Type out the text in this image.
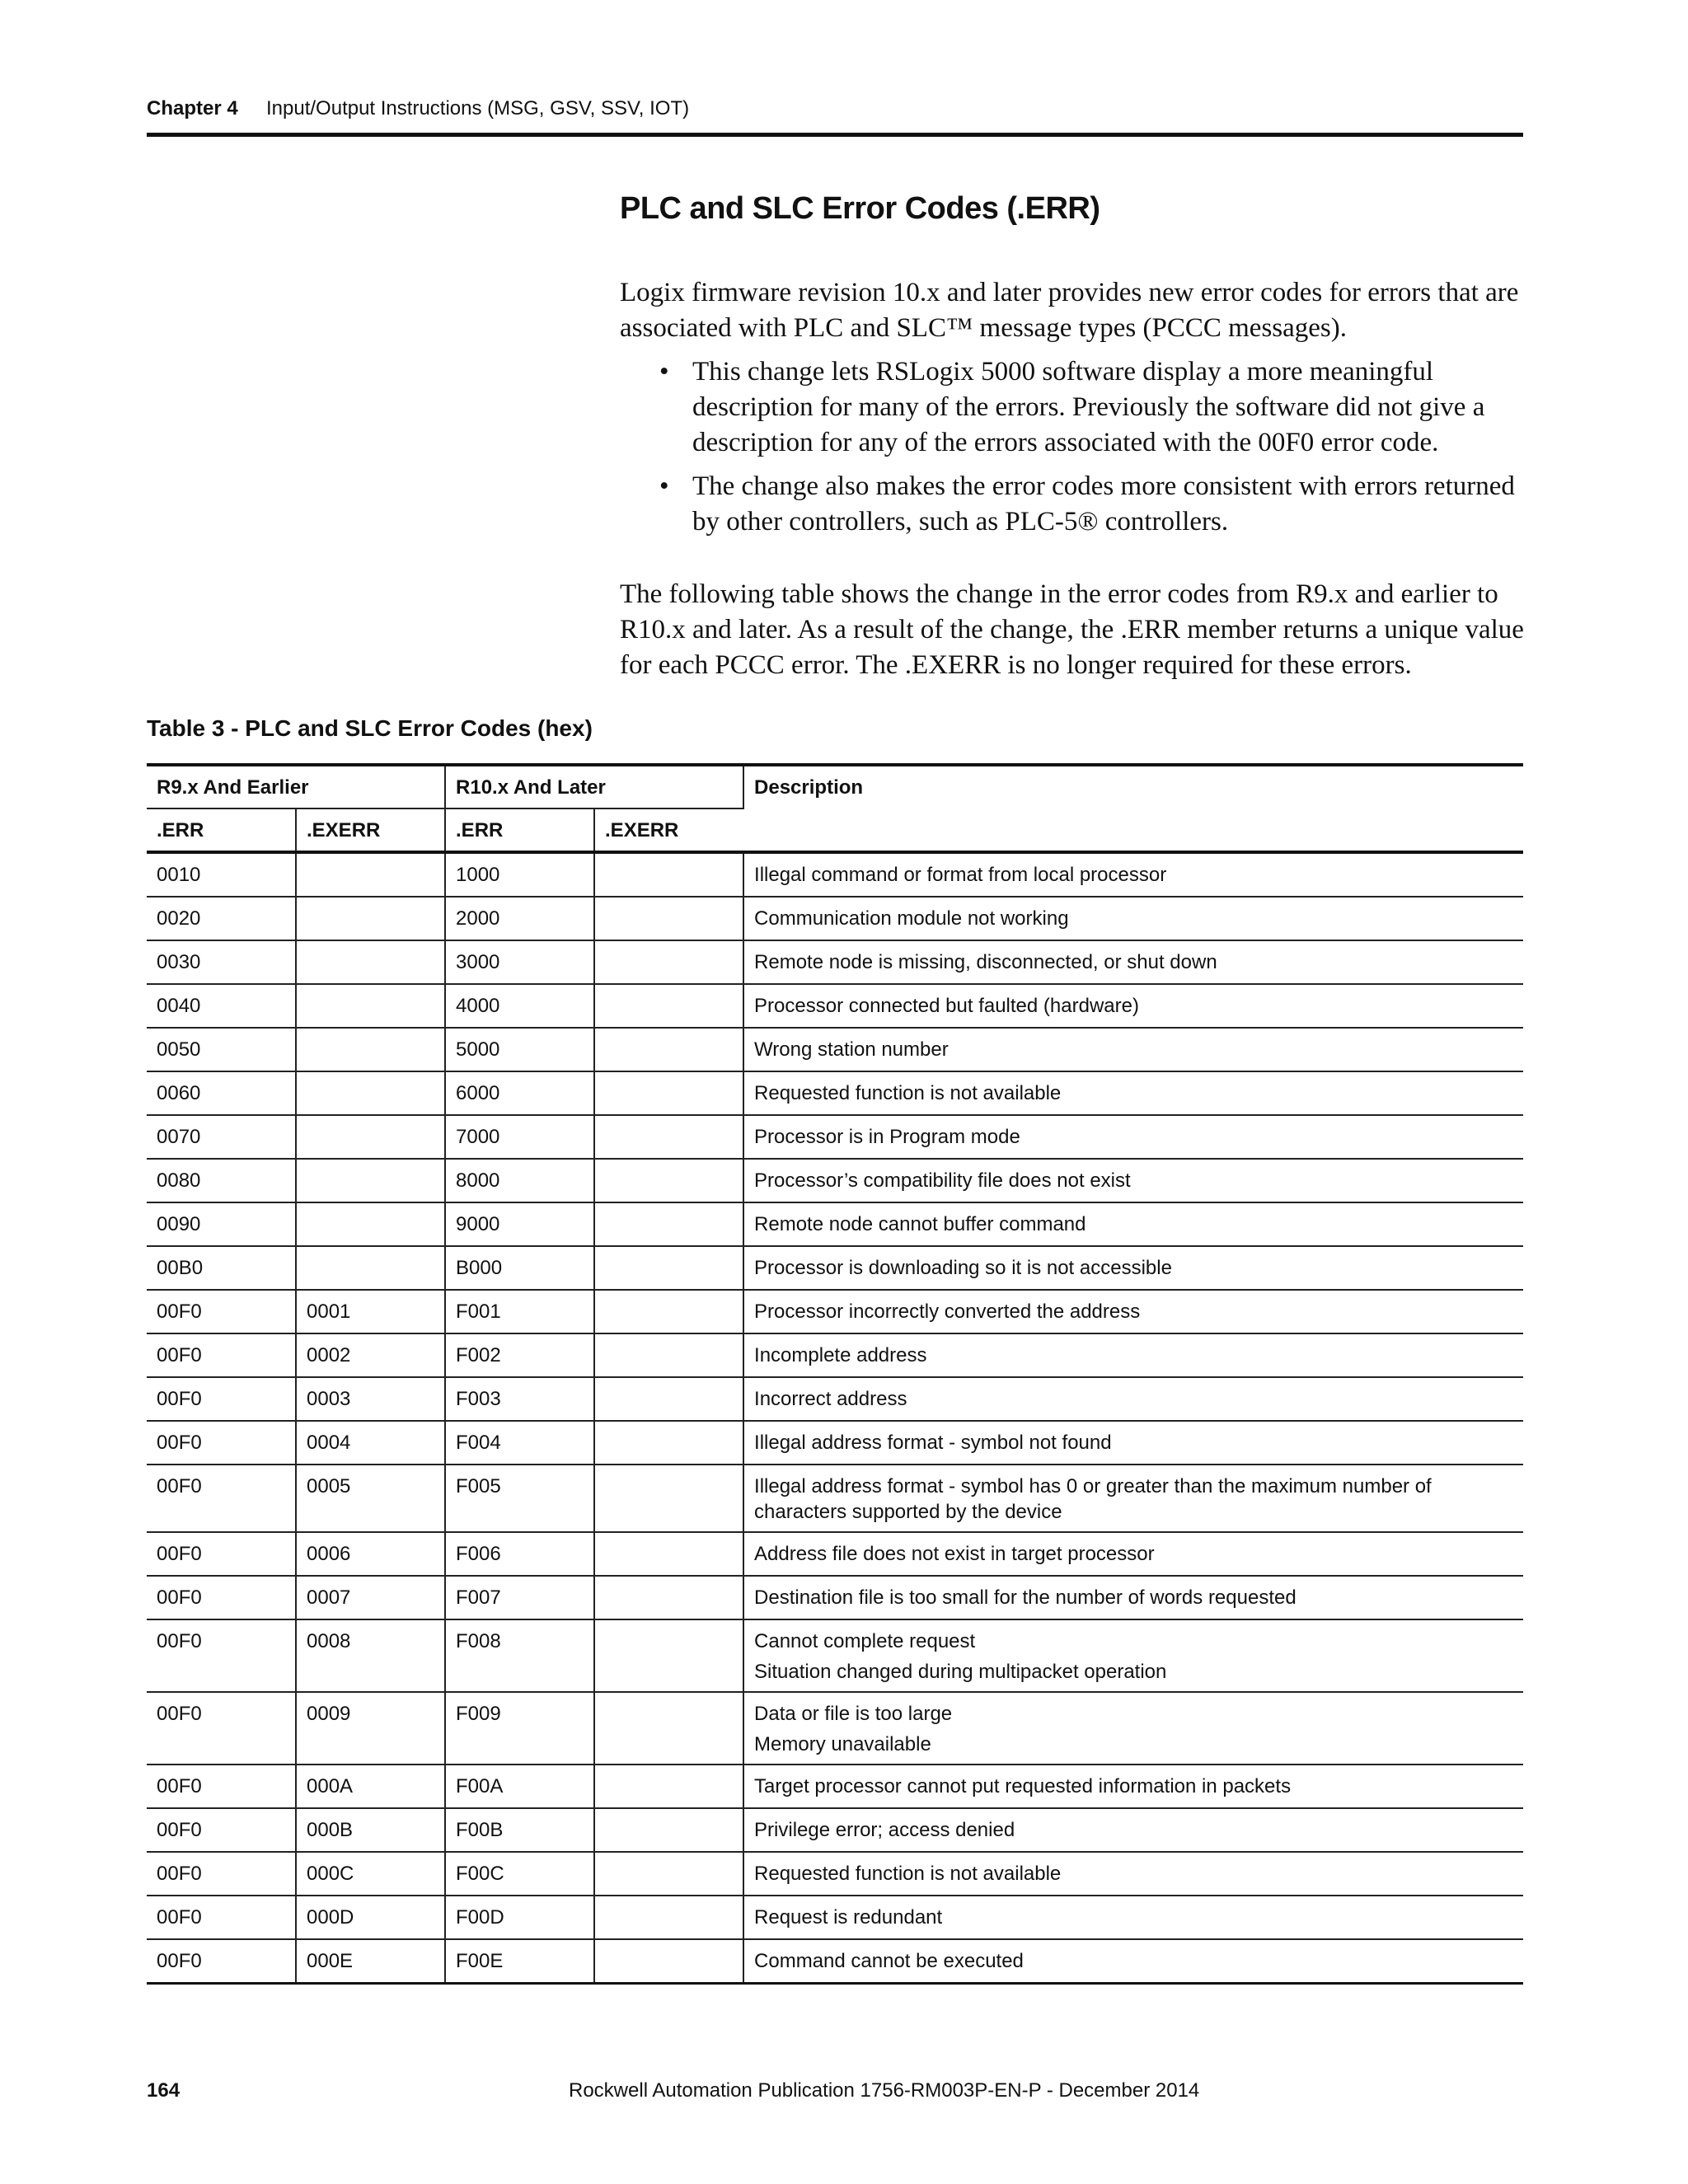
Chapter 4 Input/Output Instructions (MSG, GSV, SSV, IOT)
PLC and SLC Error Codes (.ERR)
Logix firmware revision 10.x and later provides new error codes for errors that are associated with PLC and SLC™ message types (PCCC messages).
• This change lets RSLogix 5000 software display a more meaningful description for many of the errors. Previously the software did not give a description for any of the errors associated with the 00F0 error code.
• The change also makes the error codes more consistent with errors returned by other controllers, such as PLC-5® controllers.
The following table shows the change in the error codes from R9.x and earlier to R10.x and later. As a result of the change, the .ERR member returns a unique value for each PCCC error. The .EXERR is no longer required for these errors.
Table 3 - PLC and SLC Error Codes (hex)
R9.x And Earlier		R10.x And Later		Description
.ERR	.EXERR	.ERR	.EXERR	
0010		1000		Illegal command or format from local processor

0020		2000		Communication module not working

0030		3000		Remote node is missing, disconnected, or shut down

0040		4000		Processor connected but faulted (hardware)

0050		5000		Wrong station number

0060		6000		Requested function is not available

0070		7000		Processor is in Program mode

0080		8000		Processor’s compatibility file does not exist

0090		9000		Remote node cannot buffer command

00B0		B000		Processor is downloading so it is not accessible

00F0	0001	F001		Processor incorrectly converted the address

00F0	0002	F002		Incomplete address

00F0	0003	F003		Incorrect address

00F0	0004	F004		Illegal address format - symbol not found

00F0	0005	F005		Illegal address format - symbol has 0 or greater than the maximum number of characters supported by the device

00F0	0006	F006		Address file does not exist in target processor

00F0	0007	F007		Destination file is too small for the number of words requested

00F0	0008	F008		Cannot complete request
Situation changed during multipacket operation

00F0	0009	F009		Data or file is too large
Memory unavailable

00F0	000A	F00A		Target processor cannot put requested information in packets

00F0	000B	F00B		Privilege error; access denied

00F0	000C	F00C		Requested function is not available

00F0	000D	F00D		Request is redundant

00F0	000E	F00E		Command cannot be executed
164	Rockwell Automation Publication 1756-RM003P-EN-P - December 2014
